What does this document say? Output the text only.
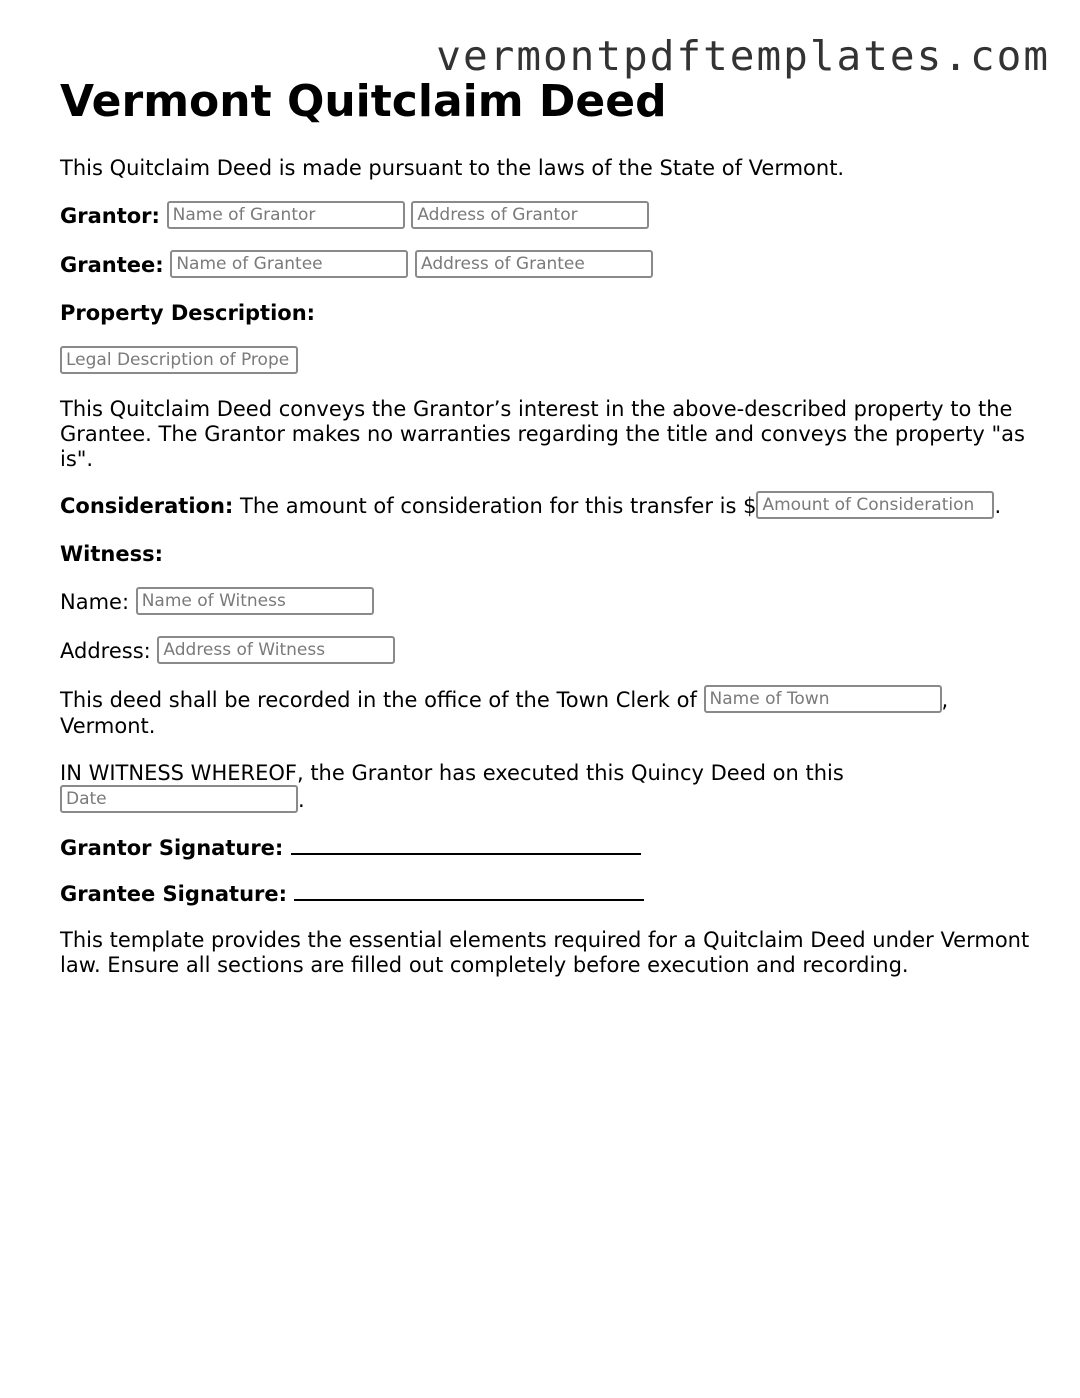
vermontpdftemplates.com
Vermont Quitclaim Deed
This Quitclaim Deed is made pursuant to the laws of the State of Vermont.
Grantor: Name of Grantor	Address of Grantor
Grantee: Name of Grantee	Address of Grantee
Property Description:
Legal Description of Prope
This Quitclaim Deed conveys the Grantor’s interest in the above-described property to the Grantee. The Grantor makes no warranties regarding the title and conveys the property "as is".
Consideration: The amount of consideration for this transfer is $ Amount of Consideration .
Witness:
Name: Name of Witness
Address: Address of Witness
This deed shall be recorded in the office of the Town Clerk of Name of Town	,
Vermont.
IN WITNESS WHEREOF, the Grantor has executed this Quincy Deed on this
Date	.
Grantor Signature:
Grantee Signature:
This template provides the essential elements required for a Quitclaim Deed under Vermont law. Ensure all sections are filled out completely before execution and recording.
